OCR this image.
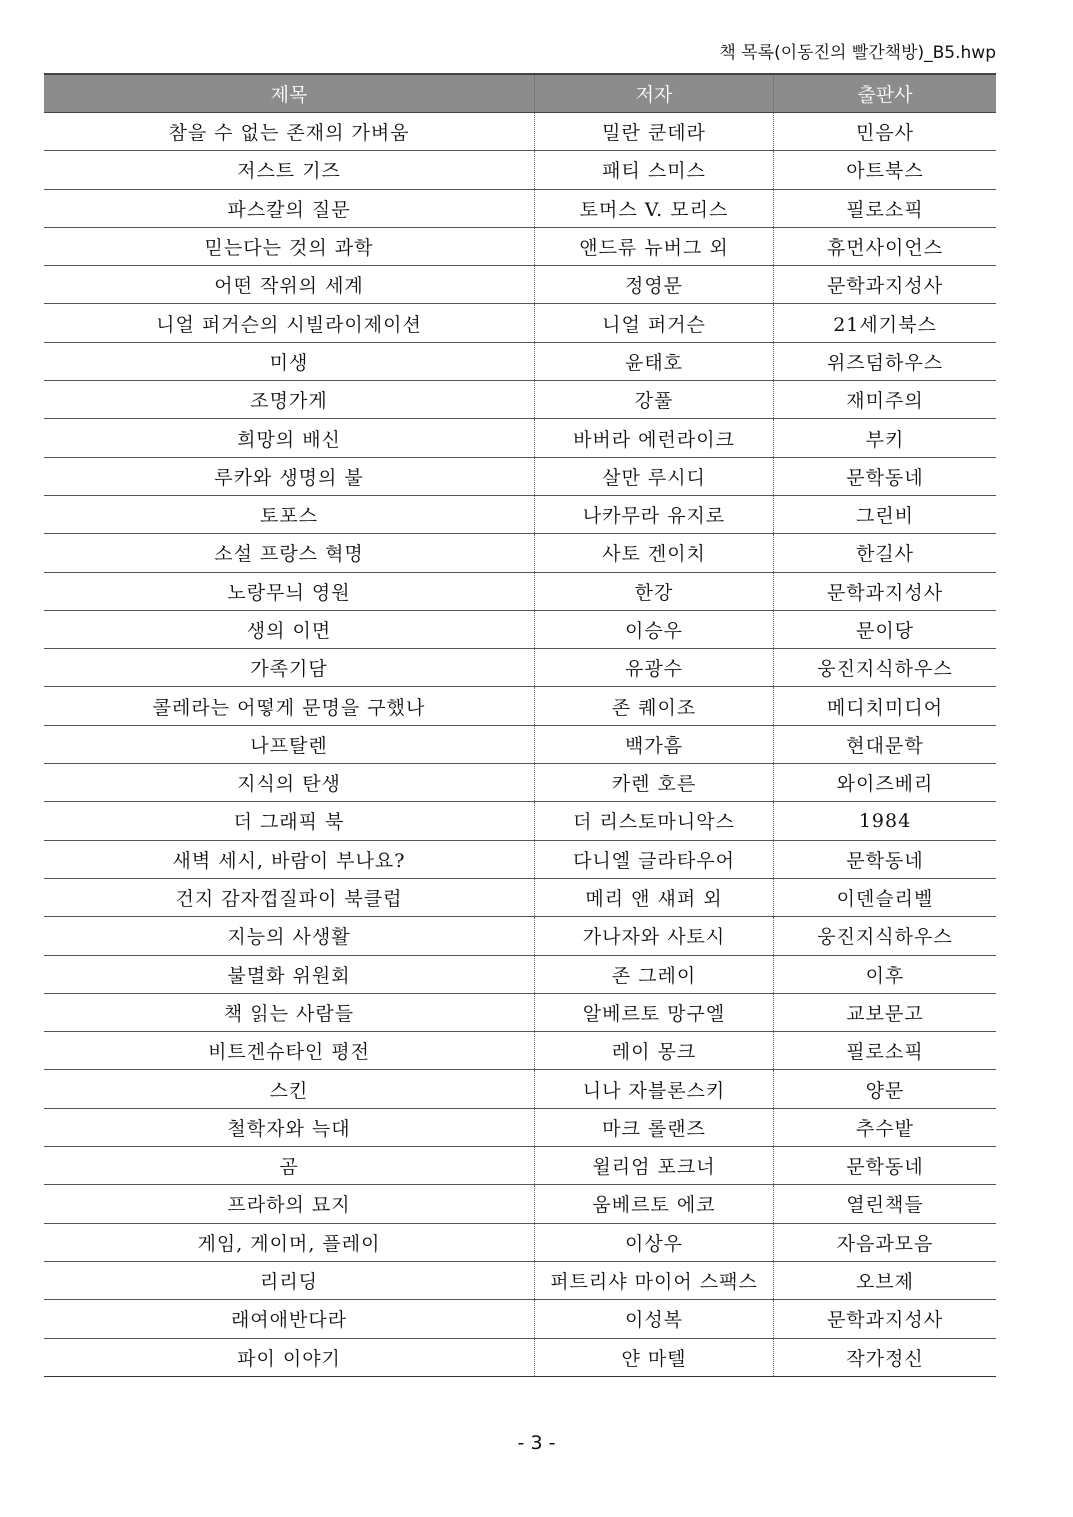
책 목록(이동진의 빨간책방)_B5.hwp
제목	저자	출판사
참을 수 없는 존재의 가벼움	밀란 쿤데라	민음사
저스트 기즈	패티 스미스	아트북스
파스칼의 질문	토머스 V. 모리스	필로소픽
믿는다는 것의 과학	앤드류 뉴버그 외	휴먼사이언스
어떤 작위의 세계	정영문	문학과지성사
니얼 퍼거슨의 시빌라이제이션	니얼 퍼거슨	21세기북스
미생	윤태호	위즈덤하우스
조명가게	강풀	재미주의
희망의 배신	바버라 에런라이크	부키
루카와 생명의 불	살만 루시디	문학동네
토포스	나카무라 유지로	그린비
소설 프랑스 혁명	사토 겐이치	한길사
노랑무늬 영원	한강	문학과지성사
생의 이면	이승우	문이당
가족기담	유광수	웅진지식하우스
콜레라는 어떻게 문명을 구했나	존 퀘이조	메디치미디어
나프탈렌	백가흠	현대문학
지식의 탄생	카렌 호른	와이즈베리
더 그래픽 북	더 리스토마니악스	1984
새벽 세시, 바람이 부나요?	다니엘 글라타우어	문학동네
건지 감자껍질파이 북클럽	메리 앤 섀퍼 외	이덴슬리벨
지능의 사생활	가나자와 사토시	웅진지식하우스
불멸화 위원회	존 그레이	이후
책 읽는 사람들	알베르토 망구엘	교보문고
비트겐슈타인 평전	레이 몽크	필로소픽
스킨	니나 자블론스키	양문
철학자와 늑대	마크 롤랜즈	추수밭
곰	윌리엄 포크너	문학동네
프라하의 묘지	움베르토 에코	열린책들
게임, 게이머, 플레이	이상우	자음과모음
리리딩	퍼트리샤 마이어 스팩스	오브제
래여애반다라	이성복	문학과지성사
파이 이야기	얀 마텔	작가정신
- 3 -
